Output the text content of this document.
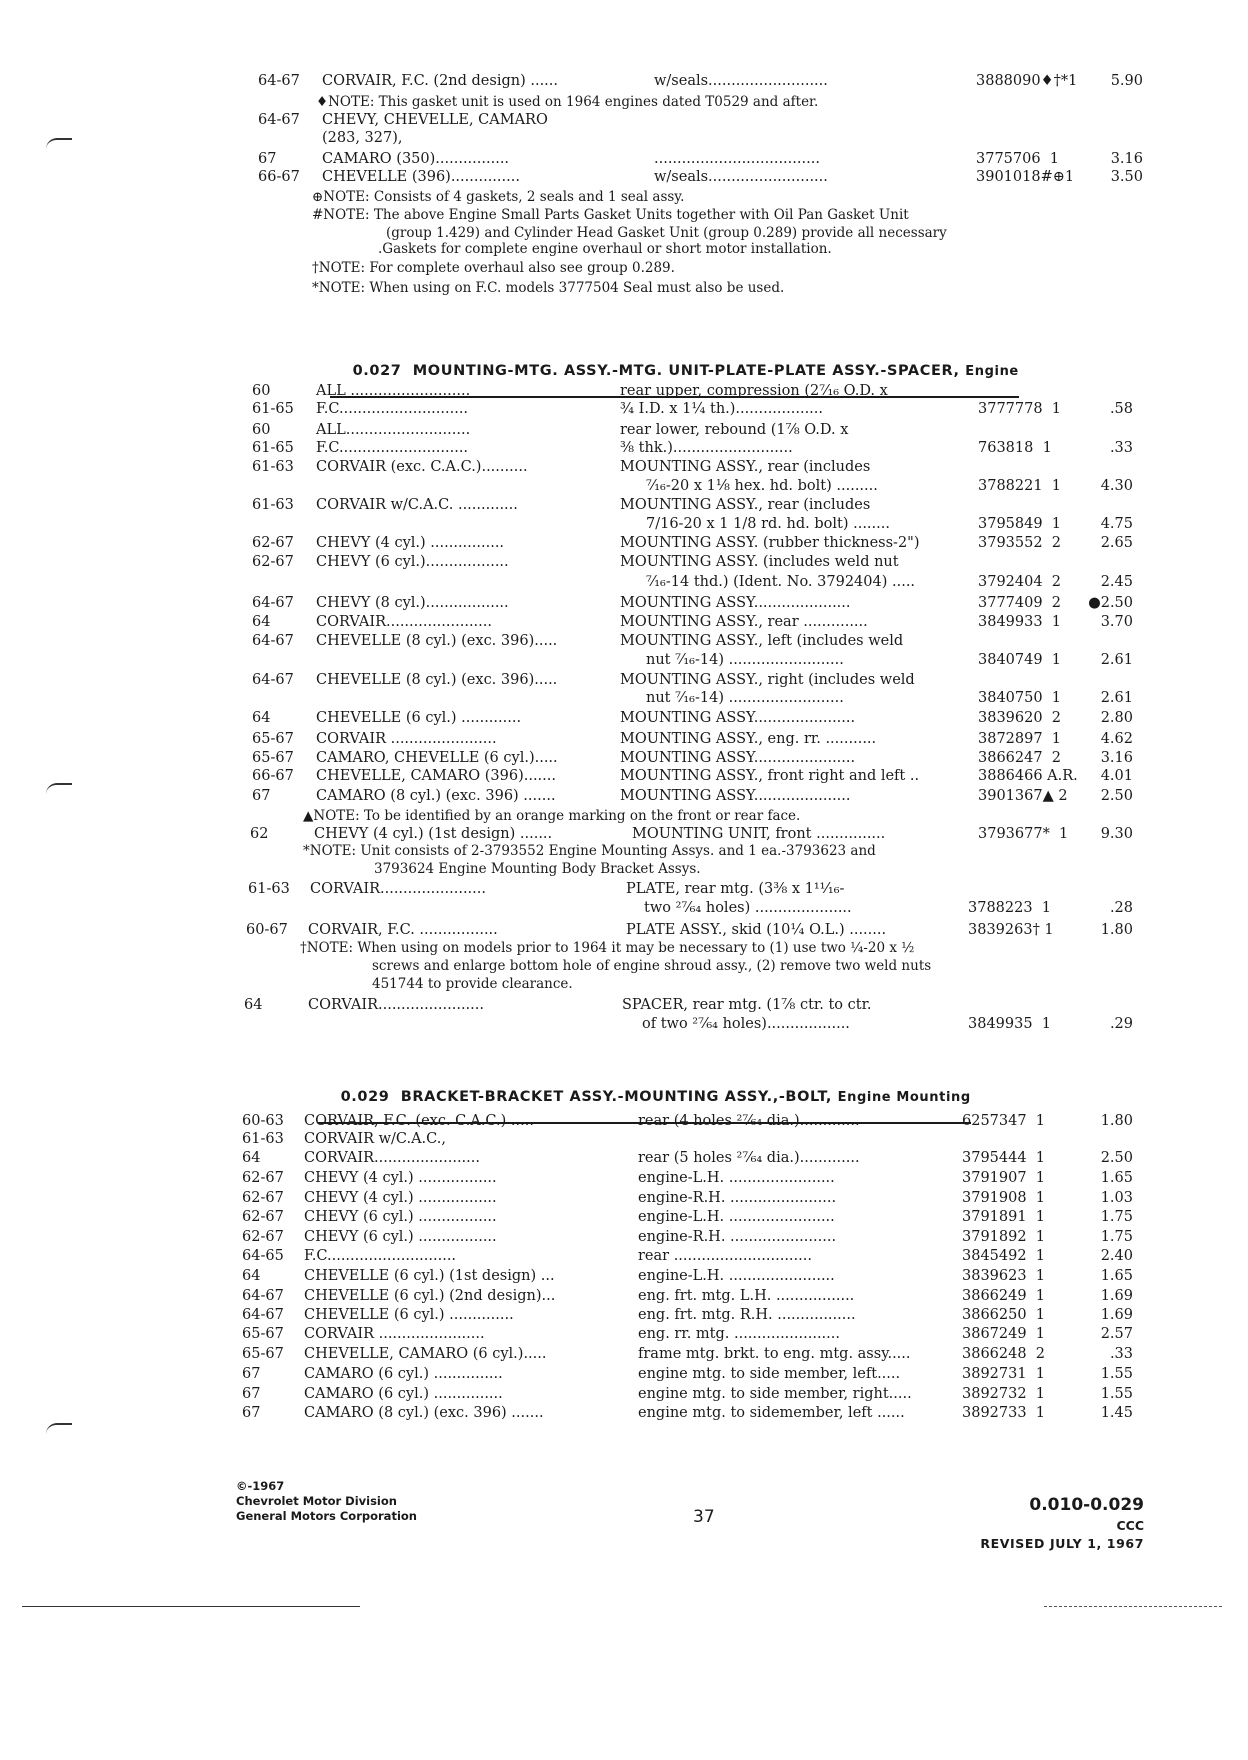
64-67 CORVAIR, F.C. (2nd design) ......	w/seals..........................	3888090♦†*1 5.90
64-67 CHEVY, CHEVELLE, CAMARO
(283, 327),
67	CAMARO (350)................	....................................	3775706  1	3.16
66-67 CHEVELLE (396)...............	w/seals..........................	3901018#⊕1	3.50
♦NOTE: This gasket unit is used on 1964 engines dated T0529 and after.
⊕NOTE: Consists of 4 gaskets, 2 seals and 1 seal assy.
#NOTE: The above Engine Small Parts Gasket Units together with Oil Pan Gasket Unit
(group 1.429) and Cylinder Head Gasket Unit (group 0.289) provide all necessary
.Gaskets for complete engine overhaul or short motor installation.
†NOTE: For complete overhaul also see group 0.289.
*NOTE: When using on F.C. models 3777504 Seal must also be used.

0.027 MOUNTING-MTG. ASSY.-MTG. UNIT-PLATE-PLATE ASSY.-SPACER, Engine

60	ALL ..........................	rear upper, compression (2⁷⁄₁₆ O.D. x
61-65 F.C............................	¾ I.D. x 1¼ th.)...................	3777778  1	.58
60	ALL...........................	rear lower, rebound (1⅞ O.D. x
61-65 F.C............................	⅜ thk.)..........................	763818  1	.33
61-63 CORVAIR (exc. C.A.C.)..........	MOUNTING ASSY., rear (includes
⁷⁄₁₆-20 x 1⅛ hex. hd. bolt) .........	3788221  1	4.30
61-63 CORVAIR w/C.A.C. .............	MOUNTING ASSY., rear (includes
7/16-20 x 1 1/8 rd. hd. bolt) ........	3795849  1	4.75
62-67 CHEVY (4 cyl.) ................	MOUNTING ASSY. (rubber thickness-2")	3793552  2	2.65
62-67 CHEVY (6 cyl.)..................	MOUNTING ASSY. (includes weld nut
⁷⁄₁₆-14 thd.) (Ident. No. 3792404) .....	3792404  2	2.45
64-67 CHEVY (8 cyl.)..................	MOUNTING ASSY.....................	3777409  2 ●2.50
64	CORVAIR.......................	MOUNTING ASSY., rear ..............	3849933  1	3.70
64-67 CHEVELLE (8 cyl.) (exc. 396).....	MOUNTING ASSY., left (includes weld
nut ⁷⁄₁₆-14) .........................	3840749  1	2.61
64-67 CHEVELLE (8 cyl.) (exc. 396).....	MOUNTING ASSY., right (includes weld
nut ⁷⁄₁₆-14) .........................	3840750  1	2.61
64	CHEVELLE (6 cyl.) .............	MOUNTING ASSY......................	3839620  2	2.80
65-67 CORVAIR .......................	MOUNTING ASSY., eng. rr. ...........	3872897  1	4.62
65-67 CAMARO, CHEVELLE (6 cyl.).....	MOUNTING ASSY......................	3866247  2	3.16
66-67 CHEVELLE, CAMARO (396).......	MOUNTING ASSY., front right and left ..	3886466 A.R. 4.01
67	CAMARO (8 cyl.) (exc. 396) .......	MOUNTING ASSY.....................	3901367▲ 2 2.50
▲NOTE: To be identified by an orange marking on the front or rear face.
62	CHEVY (4 cyl.) (1st design) .......	MOUNTING UNIT, front ...............	3793677*  1 9.30
*NOTE: Unit consists of 2-3793552 Engine Mounting Assys. and 1 ea.-3793623 and
3793624 Engine Mounting Body Bracket Assys.
61-63 CORVAIR.......................	PLATE, rear mtg. (3⅜ x 1¹¹⁄₁₆-
two ²⁷⁄₆₄ holes) .....................	3788223  1	.28
60-67 CORVAIR, F.C. .................	PLATE ASSY., skid (10¼ O.L.) ........	3839263† 1	1.80
†NOTE: When using on models prior to 1964 it may be necessary to (1) use two ¼-20 x ½
screws and enlarge bottom hole of engine shroud assy., (2) remove two weld nuts
451744 to provide clearance.
64	CORVAIR.......................	SPACER, rear mtg. (1⅞ ctr. to ctr.
of two ²⁷⁄₆₄ holes)..................	3849935  1	.29

0.029 BRACKET-BRACKET ASSY.-MOUNTING ASSY.,-BOLT, Engine Mounting

60-63 CORVAIR, F.C. (exc. C.A.C.) .....	rear (4 holes ²⁷⁄₆₄ dia.).............	6257347  1	1.80
61-63 CORVAIR w/C.A.C.,
64	CORVAIR.......................	rear (5 holes ²⁷⁄₆₄ dia.).............	3795444  1	2.50
62-67 CHEVY (4 cyl.) .................	engine-L.H. .......................	3791907  1	1.65
62-67 CHEVY (4 cyl.) .................	engine-R.H. .......................	3791908  1	1.03
62-67 CHEVY (6 cyl.) .................	engine-L.H. .......................	3791891  1	1.75
62-67 CHEVY (6 cyl.) .................	engine-R.H. .......................	3791892  1	1.75
64-65 F.C............................	rear ..............................	3845492  1	2.40
64	CHEVELLE (6 cyl.) (1st design) ...	engine-L.H. .......................	3839623  1	1.65
64-67 CHEVELLE (6 cyl.) (2nd design)...	eng. frt. mtg. L.H. .................	3866249  1	1.69
64-67 CHEVELLE (6 cyl.) ..............	eng. frt. mtg. R.H. .................	3866250  1	1.69
65-67 CORVAIR .......................	eng. rr. mtg. .......................	3867249  1	2.57
65-67 CHEVELLE, CAMARO (6 cyl.).....	frame mtg. brkt. to eng. mtg. assy.....	3866248  2	.33
67	CAMARO (6 cyl.) ...............	engine mtg. to side member, left.....	3892731  1	1.55
67	CAMARO (6 cyl.) ...............	engine mtg. to side member, right.....	3892732  1	1.55
67	CAMARO (8 cyl.) (exc. 396) .......	engine mtg. to sidemember, left ......	3892733  1	1.45
©-1967
Chevrolet Motor Division
General Motors Corporation	37
0.010-0.029
CCC
REVISED JULY 1, 1967
